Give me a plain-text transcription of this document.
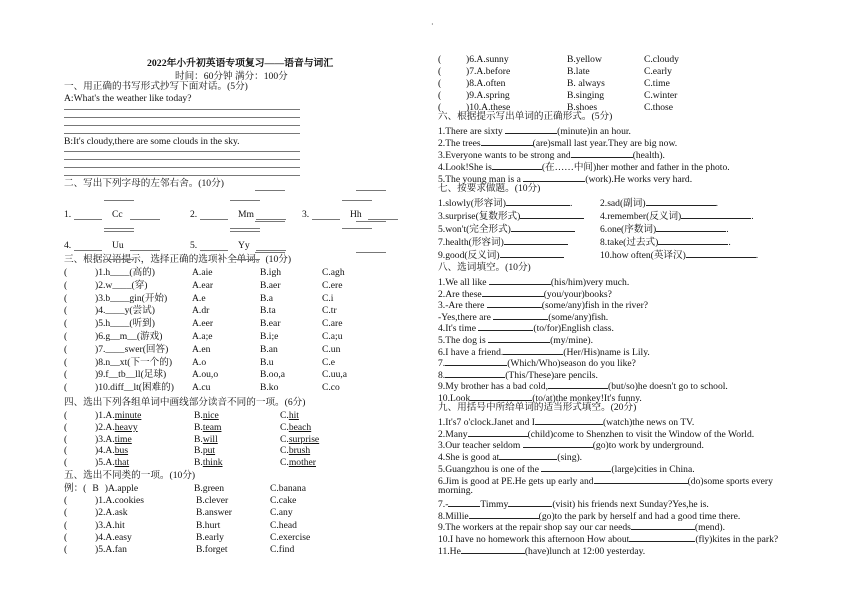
·
2022年小升初英语专项复习——语音与词汇
时间：60分钟 满分：100分
一、用正确的书写形式抄写下面对话。(5分)
A:What's the weather like today?
B:It's cloudy,there are some clouds in the sky.
二、写出下列字母的左邻右舍。(10分)
三、根据汉语提示，选择正确的选项补全单词。(10分)
四、选出下列各组单词中画线部分读音不同的一项。(6分)
五、选出不同类的一项。(10分)
六、根据提示写出单词的正确形式。(5分)
七、按要求做题。(10分)
八、选词填空。(10分)
九、用括号中所给单词的适当形式填空。(20分)
1.	Cc	2.	Mm	3.	Hh
4.	Uu	5.	Yy
(	)1.h____(高的)	A.aie	B.igh	C.agh
(	)2.w____(穿)	A.ear	B.aer	C.ere
(	)3.b____gin(开始)	A.e	B.a	C.i
(	)4.____y(尝试)	A.dr	B.ta	C.tr
(	)5.h____(听到)	A.eer	B.ear	C.are
(	)6.g__m__(游戏)	A.a;e	B.i;e	C.a;u
(	)7.____swer(回答) A.en	B.an	C.un
(	)8.n__xt(下一个的) A.o	B.u	C.e
(	)9.f__tb__ll(足球)	A.ou,o	B.oo,a	C.uu,a
(	)10.diff__lt(困难的) A.cu	B.ko	C.co
(	)1.A.minute	B.nice	C.hit
(	)2.A.heavy	B.team	C.beach
(	)3.A.time	B.will	C.surprise
(	)4.A.bus	B.put	C.brush
(	)5.A.that	B.think	C.mother
例：( B )A.apple	B.green	C.banana
(	)1.A.cookies	B.clever	C.cake
(	)2.A.ask	B.answer	C.any
(	)3.A.hit	B.hurt	C.head
(	)4.A.easy	B.early	C.exercise
(	)5.A.fan	B.forget	C.find
(	)6.A.sunny	B.yellow	C.cloudy
(	)7.A.before	B.late	C.early
(	)8.A.often	B. always	C.time
(	)9.A.spring	B.singing	C.winter
(	)10.A.these	B.shoes	C.those
1.There are sixty	(minute)in an hour.
2.The trees	(are)small last year.They are big now.
3.Everyone wants to be strong and	(health).
4.Look!She is	(在……中间)her mother and father in the photo.
5.The young man is a	(work).He works very hard.
1.slowly(形容词)	.	2.sad(副词)	.
3.surprise(复数形式)	4.remember(反义词)	.
5.won't(完全形式)	6.one(序数词)	.
7.health(形容词)	8.take(过去式)	.
9.good(反义词)	10.how often(英译汉)	.
1.We all like	(his/him)very much.
2.Are these	(you/your)books?
3.-Are there	(some/any)fish in the river?
-Yes,there are	(some/any)fish.
4.It's time	(to/for)English class.
5.The dog is	(my/mine).
6.I have a friend.	(Her/His)name is Lily.
7.	(Which/Who)season do you like?
8.	(This/These)are pencils.
9.My brother has a bad cold,	(but/so)he doesn't go to school.
10.Look	(to/at)the monkey!It's funny.
1.It's7 o'clock.Janet and I	(watch)the news on TV.
2.Many	(child)come to Shenzhen to visit the Window of the World.
3.Our teacher seldom	(go)to work by underground.
4.She is good at	(sing).
5.Guangzhou is one of the	(large)cities in China.
6.Jim is good at PE.He gets up early and	(do)some sports every
morning.
7.-	Timmy	(visit) his friends next Sunday?Yes,he is.
8.Millie	(go)to the park by herself and had a good time there.
9.The workers at the repair shop say our car needs	(mend).
10.I have no homework this afternoon How about	(fly)kites in the park?
11.He	(have)lunch at 12:00 yesterday.
